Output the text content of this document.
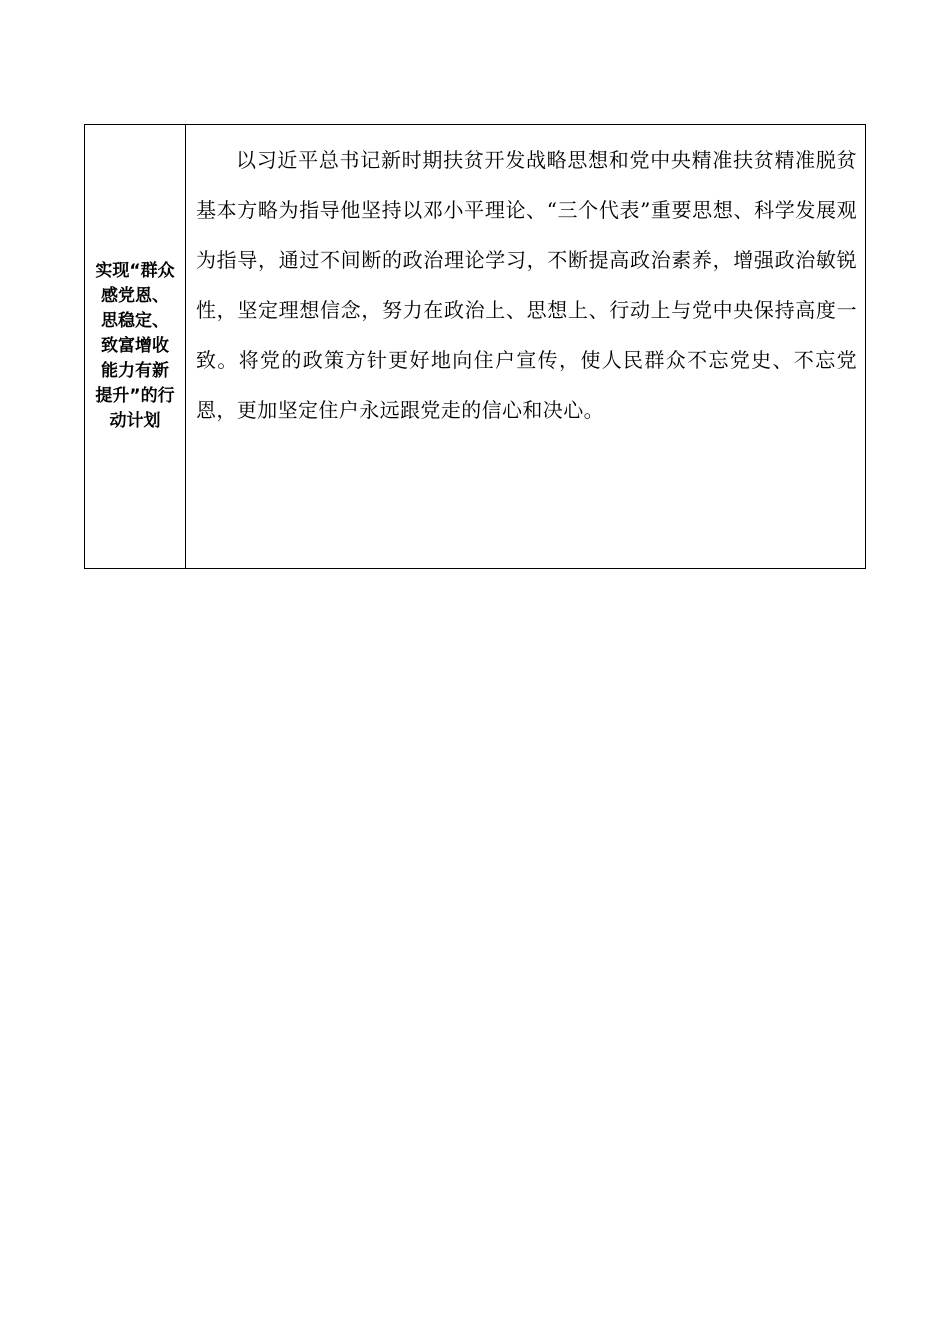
实现“群众感党恩、思稳定、致富增收能力有新提升”的行动计划

以习近平总书记新时期扶贫开发战略思想和党中央精准扶贫精准脱贫基本方略为指导他坚持以邓小平理论、“三个代表”重要思想、科学发展观为指导，通过不间断的政治理论学习，不断提高政治素养，增强政治敏锐性，坚定理想信念，努力在政治上、思想上、行动上与党中央保持高度一致。将党的政策方针更好地向住户宣传，使人民群众不忘党史、不忘党恩，更加坚定住户永远跟党走的信心和决心。
